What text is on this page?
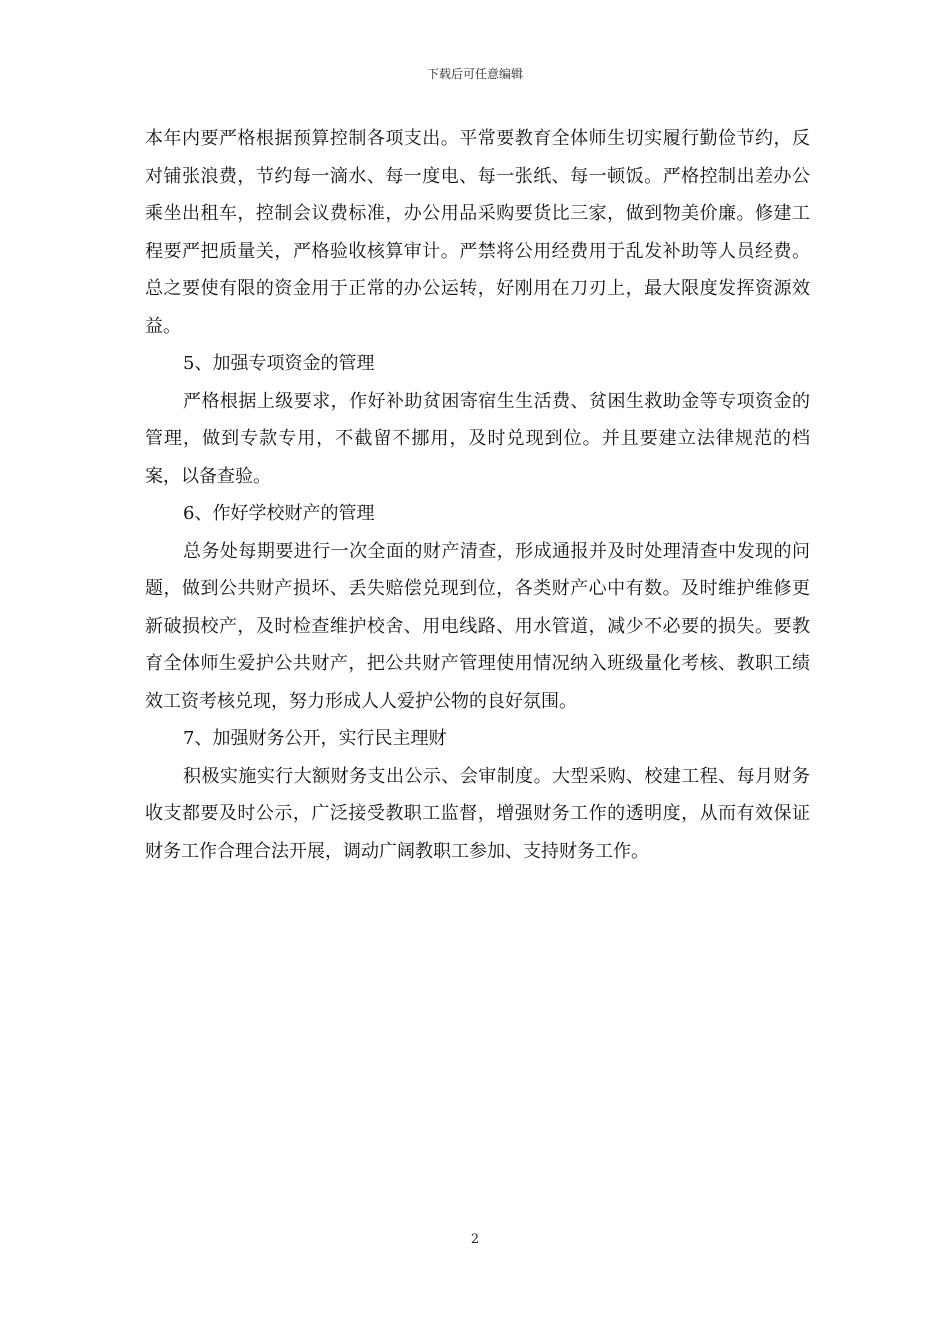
下载后可任意编辑

本年内要严格根据预算控制各项支出。平常要教育全体师生切实履行勤俭节约，反对铺张浪费，节约每一滴水、每一度电、每一张纸、每一顿饭。严格控制出差办公乘坐出租车，控制会议费标准，办公用品采购要货比三家，做到物美价廉。修建工程要严把质量关，严格验收核算审计。严禁将公用经费用于乱发补助等人员经费。总之要使有限的资金用于正常的办公运转，好刚用在刀刃上，最大限度发挥资源效益。

5、加强专项资金的管理

严格根据上级要求，作好补助贫困寄宿生生活费、贫困生救助金等专项资金的管理，做到专款专用，不截留不挪用，及时兑现到位。并且要建立法律规范的档案，以备查验。

6、作好学校财产的管理

总务处每期要进行一次全面的财产清查，形成通报并及时处理清查中发现的问题，做到公共财产损坏、丢失赔偿兑现到位，各类财产心中有数。及时维护维修更新破损校产，及时检查维护校舍、用电线路、用水管道，减少不必要的损失。要教育全体师生爱护公共财产，把公共财产管理使用情况纳入班级量化考核、教职工绩效工资考核兑现，努力形成人人爱护公物的良好氛围。

7、加强财务公开，实行民主理财

积极实施实行大额财务支出公示、会审制度。大型采购、校建工程、每月财务收支都要及时公示，广泛接受教职工监督，增强财务工作的透明度，从而有效保证财务工作合理合法开展，调动广阔教职工参加、支持财务工作。

2
